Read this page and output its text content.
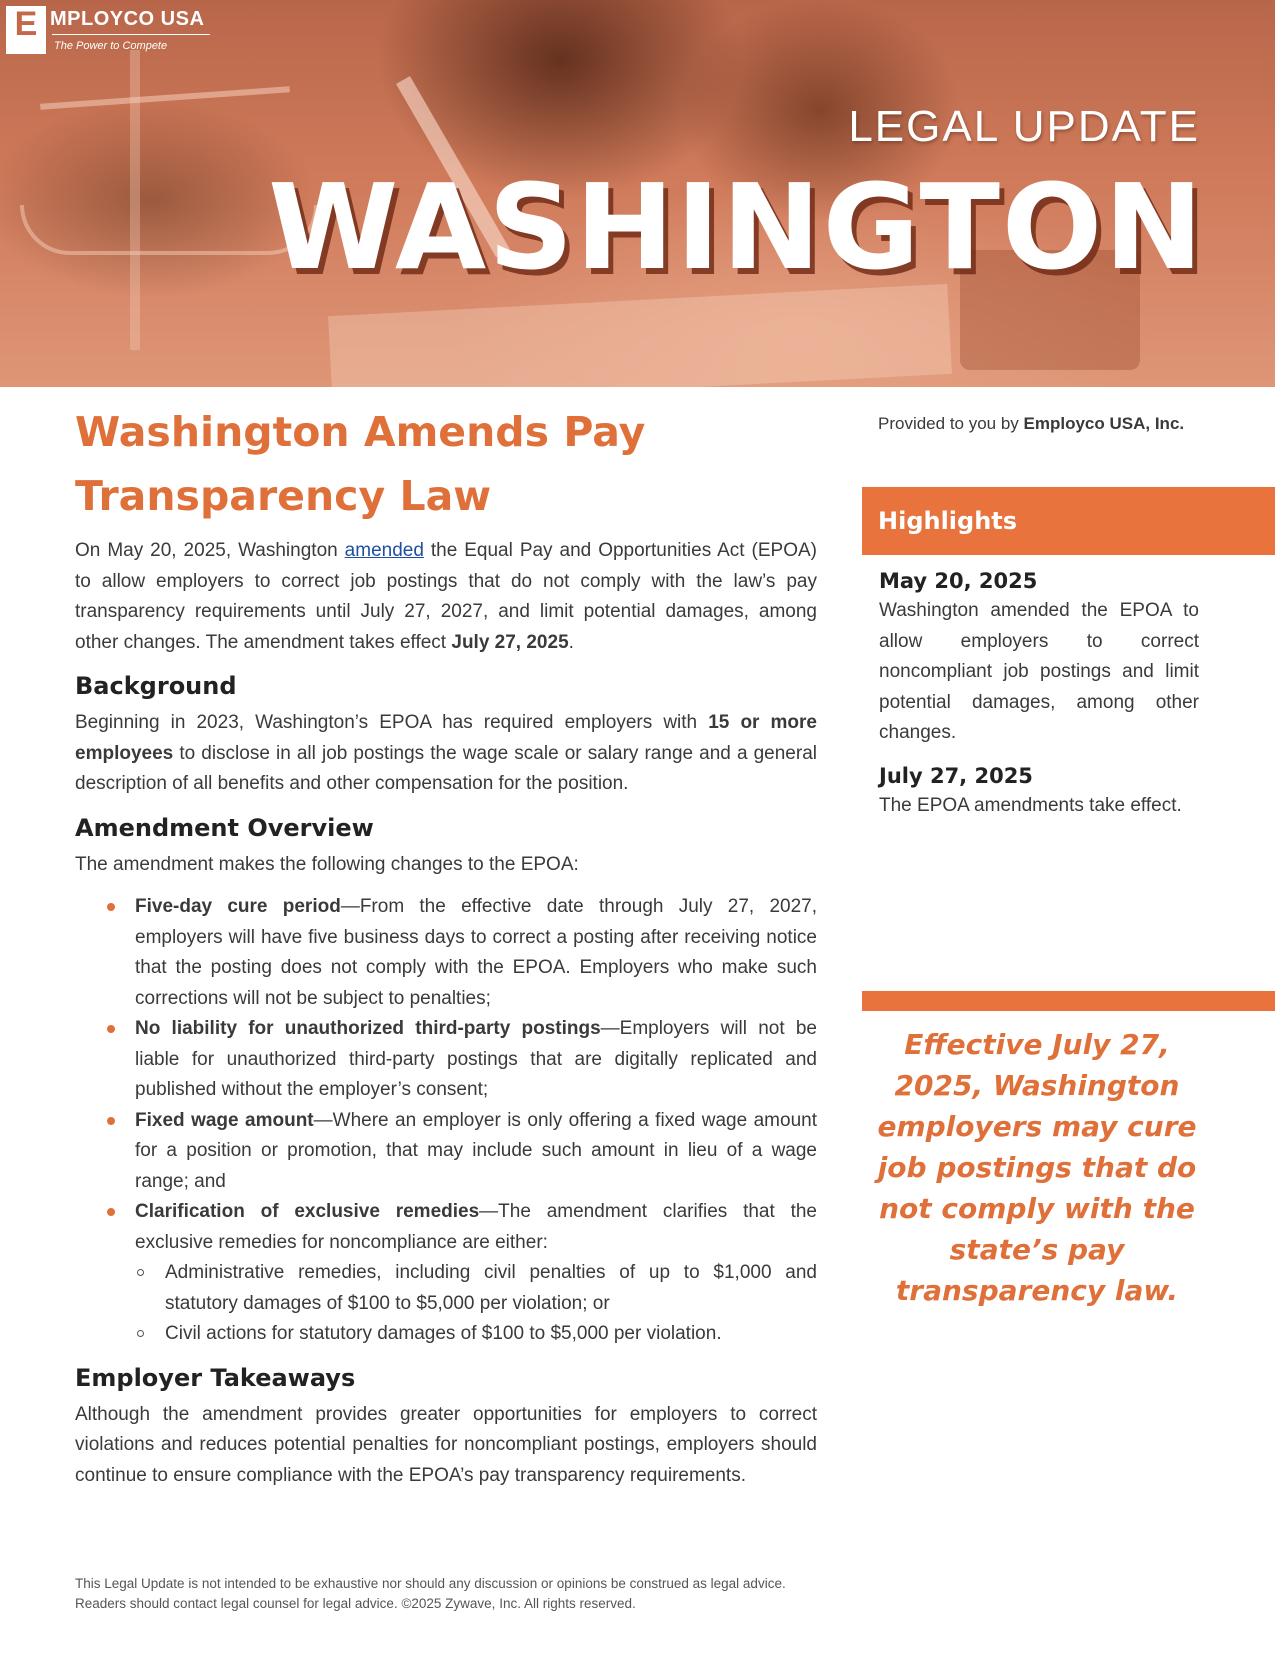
E MPLOYCO USA
The Power to Compete
LEGAL UPDATE
WASHINGTON
Washington Amends Pay Transparency Law

On May 20, 2025, Washington amended the Equal Pay and Opportunities Act (EPOA) to allow employers to correct job postings that do not comply with the law’s pay transparency requirements until July 27, 2027, and limit potential damages, among other changes. The amendment takes effect July 27, 2025.

Background

Beginning in 2023, Washington’s EPOA has required employers with 15 or more employees to disclose in all job postings the wage scale or salary range and a general description of all benefits and other compensation for the position.

Amendment Overview

The amendment makes the following changes to the EPOA:

Five-day cure period—From the effective date through July 27, 2027, employers will have five business days to correct a posting after receiving notice that the posting does not comply with the EPOA. Employers who make such corrections will not be subject to penalties;
No liability for unauthorized third-party postings—Employers will not be liable for unauthorized third-party postings that are digitally replicated and published without the employer’s consent;
Fixed wage amount—Where an employer is only offering a fixed wage amount for a position or promotion, that may include such amount in lieu of a wage range; and
Clarification of exclusive remedies—The amendment clarifies that the exclusive remedies for noncompliance are either:
Administrative remedies, including civil penalties of up to $1,000 and statutory damages of $100 to $5,000 per violation; or
Civil actions for statutory damages of $100 to $5,000 per violation.
Employer Takeaways

Although the amendment provides greater opportunities for employers to correct violations and reduces potential penalties for noncompliant postings, employers should continue to ensure compliance with the EPOA’s pay transparency requirements.

This Legal Update is not intended to be exhaustive nor should any discussion or opinions be construed as legal advice. Readers should contact legal counsel for legal advice. ©2025 Zywave, Inc. All rights reserved.
Provided to you by Employco USA, Inc.
Highlights
May 20, 2025
Washington amended the EPOA to allow employers to correct noncompliant job postings and limit potential damages, among other changes.
July 27, 2025
The EPOA amendments take effect.
Effective July 27, 2025, Washington employers may cure job postings that do not comply with the state’s pay transparency law.
